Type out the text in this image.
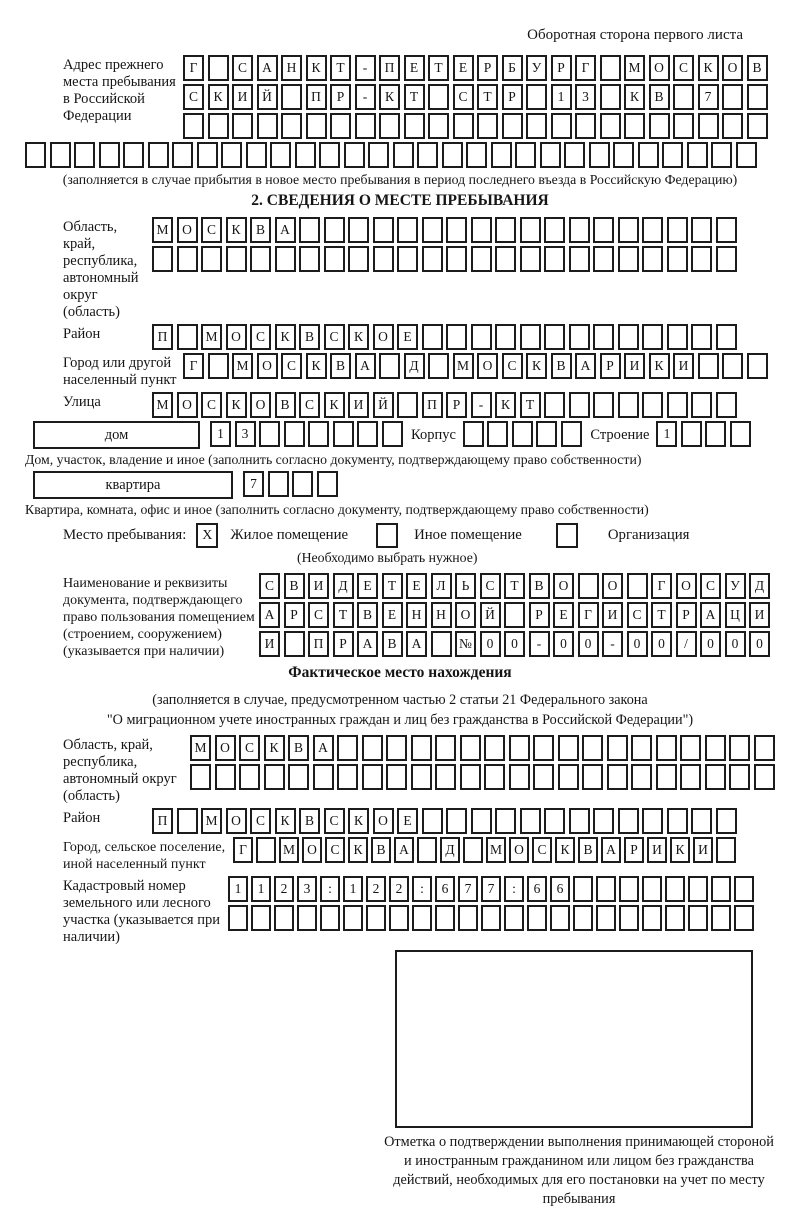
Оборотная сторона первого листа
Адрес прежнего места пребывания в Российской Федерации
Г	С	А	Н	К	Т	-	П	Е	Т	Е	Р	Б	У	Р	Г	М	О	С	К	О	В
С	К	И	Й	П	Р	-	К	Т	С	Т	Р	1	3	К	В	7

(заполняется в случае прибытия в новое место пребывания в период последнего въезда в Российскую Федерацию)
2. СВЕДЕНИЯ О МЕСТЕ ПРЕБЫВАНИЯ
Область, край, республика, автономный округ (область)
М	О	С	К	В	А

Район	П	М	О	С	К	В	С	К	О	Е

Город или другой населенный пункт
Г	М	О	С	К	В	А	Д	М	О	С	К	В	А	Р	И	К	И

Улица	М	О	С	К	О	В	С	К	И	Й	П	Р	-	К	Т

дом	1	3

	Корпус

	Строение	1

Дом, участок, владение и иное (заполнить согласно документу, подтверждающему право собственности)
квартира	7

Квартира, комната, офис и иное (заполнить согласно документу, подтверждающему право собственности)
Место пребывания:	X	Жилое помещение	Иное помещение	Организация
(Необходимо выбрать нужное)
Наименование и реквизиты документа, подтверждающего право пользования помещением (строением, сооружением) (указывается при наличии)
С	В	И	Д	Е	Т	Е	Л	Ь	С	Т	В	О	О	Г	О	С	У	Д
А	Р	С	Т	В	Е	Н	Н	О	Й	Р	Е	Г	И	С	Т	Р	А	Ц	И
И	П	Р	А	В	А	№	0	0	-	0	0	-	0	0	/	0	0	0
Фактическое место нахождения
(заполняется в случае, предусмотренном частью 2 статьи 21 Федерального закона
"О миграционном учете иностранных граждан и лиц без гражданства в Российской Федерации")
Область, край, республика, автономный округ (область)
М	О	С	К	В	А

Район	П	М	О	С	К	В	С	К	О	Е

Город, сельское поселение, иной населенный пункт
Г	М О	С	К	В	А	Д	М О	С	К	В	А	Р	И	К	И

Кадастровый номер земельного или лесного участка (указывается при наличии)
1	1	2	3	:	1	2	2	:	6	7	7	:	6	6

Отметка о подтверждении выполнения принимающей стороной и иностранным гражданином или лицом без гражданства действий, необходимых для его постановки на учет по месту пребывания
